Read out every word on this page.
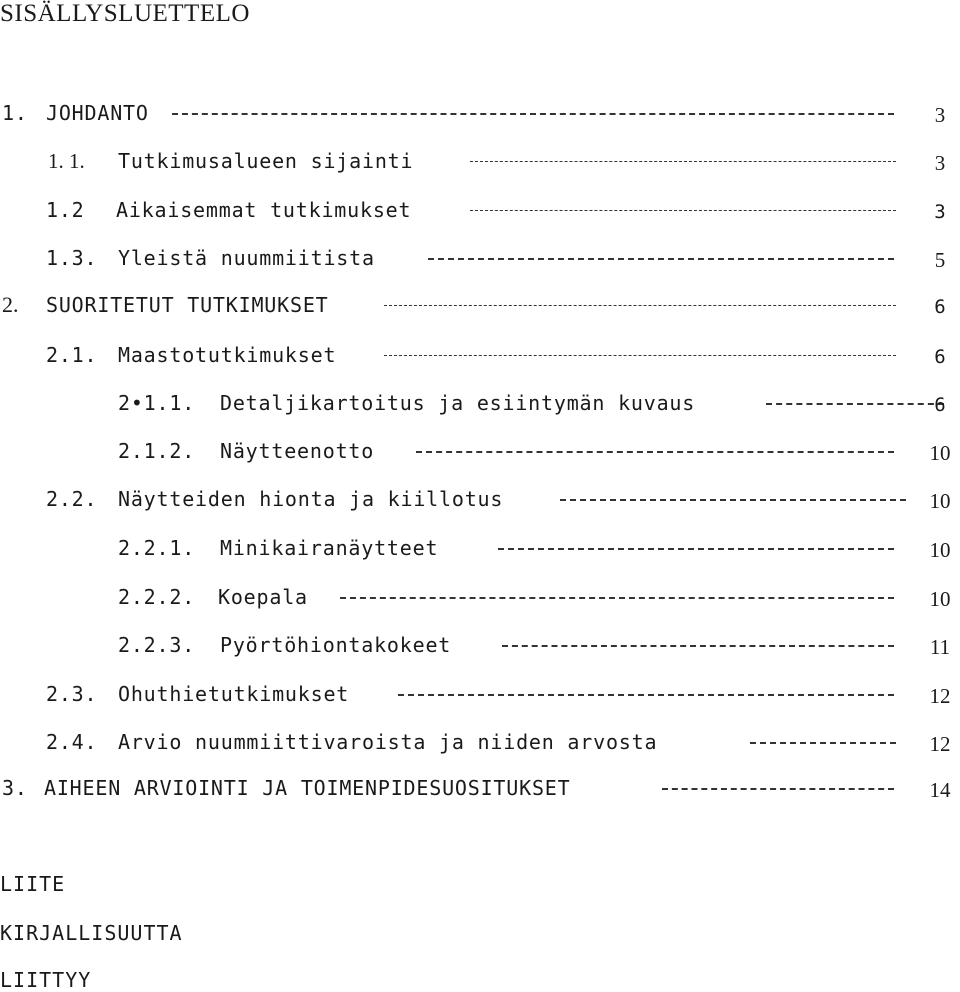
SISÄLLYSLUETTELO
1. JOHDANTO	3
1. 1. Tutkimusalueen sijainti	3
1.2 Aikaisemmat tutkimukset	3
1.3. Yleistä nuummiitista	5
2. SUORITETUT TUTKIMUKSET	6
2.1. Maastotutkimukset	6
2•1.1. Detaljikartoitus ja esiintymän kuvaus	6
2.1.2. Näytteenotto	10
2.2. Näytteiden hionta ja kiillotus	10
2.2.1. Minikairanäytteet	10
2.2.2. Koepala	10
2.2.3. Pyörtöhiontakokeet	11
2.3. Ohuthietutkimukset	12
2.4. Arvio nuummiittivaroista ja niiden arvosta	12
3. AIHEEN ARVIOINTI JA TOIMENPIDESUOSITUKSET	14
LIITE
KIRJALLISUUTTA
LIITTYY
